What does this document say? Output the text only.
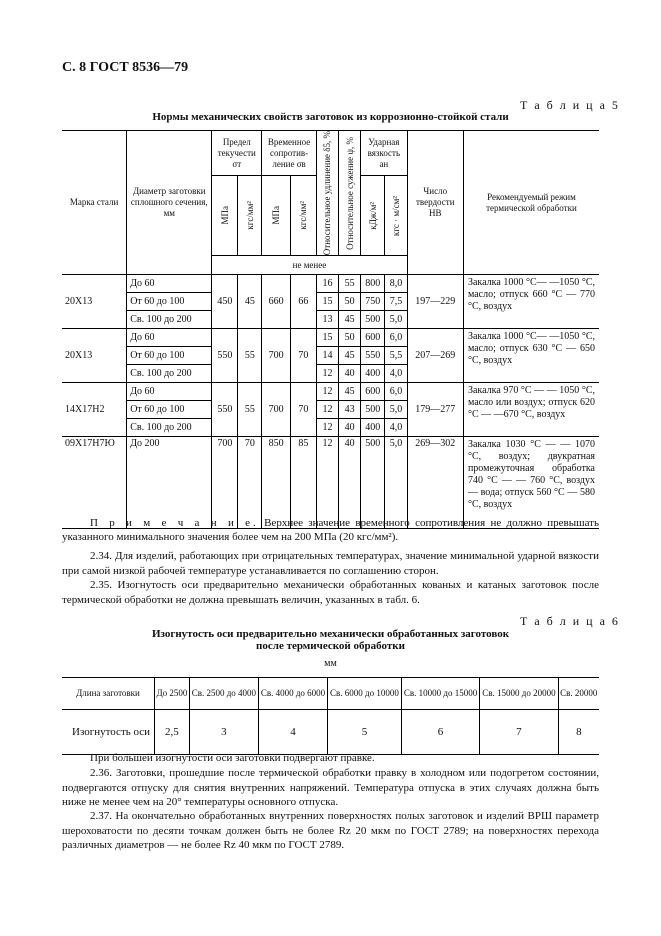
С. 8 ГОСТ 8536—79
Т а б л и ц а 5
Нормы механических свойств заготовок из коррозионно-стойкой стали
Марка стали	Диаметр заготовки сплошного сечения, мм	Предел текучести σт		Временное сопротив-ление σв		Относительное удлинение δ5, %	Относительное сужение ψ, %	Ударная вязкость ан		Число твердости НВ	Рекомендуемый режим термической обработки

		МПа	кгс/мм²	МПа	кгс/мм²			кДж/м²	кгс · м/см²		

		не менее									
20Х13	До 60	450	45	660	66	16	55	800	8,0	197—229	Закалка 1000 °С— —1050 °С, масло; отпуск 660 °С — 770 °С, воздух
	От 60 до 100					15	50	750	7,5		
	Св. 100 до 200					13	45	500	5,0		
20Х13	До 60	550	55	700	70	15	50	600	6,0	207—269	Закалка 1000 °С— —1050 °С, масло; отпуск 630 °С — 650 °С, воздух
	От 60 до 100					14	45	550	5,5		
	Св. 100 до 200					12	40	400	4,0		
14Х17Н2	До 60	550	55	700	70	12	45	600	6,0	179—277	Закалка 970 °С — — 1050 °С, масло или воздух; отпуск 620 °С — —670 °С, воздух
	От 60 до 100					12	43	500	5,0		
	Св. 100 до 200					12	40	400	4,0		
09Х17Н7Ю	До 200	700	70	850	85	12	40	500	5,0	269—302	Закалка 1030 °С — — 1070 °С, воздух; двукратная промежуточная обработка 740 °С — — 760 °С, воздух — вода; отпуск 560 °С — 580 °С, воздух
П р и м е ч а н и е. Верхнее значение временного сопротивления не должно превышать указанного минимального значения более чем на 200 МПа (20 кгс/мм²).
2.34. Для изделий, работающих при отрицательных температурах, значение минимальной ударной вязкости при самой низкой рабочей температуре устанавливается по соглашению сторон.
2.35. Изогнутость оси предварительно механически обработанных кованых и катаных заготовок после термической обработки не должна превышать величин, указанных в табл. 6.
Т а б л и ц а 6
Изогнутость оси предварительно механически обработанных заготовок
после термической обработки
мм
Длина заготовки	До 2500	Св. 2500 до 4000	Св. 4000 до 6000	Св. 6000 до 10000	Св. 10000 до 15000	Св. 15000 до 20000	Св. 20000
Изогнутость оси	2,5	3	4	5	6	7	8
При большей изогнутости оси заготовки подвергают правке.
2.36. Заготовки, прошедшие после термической обработки правку в холодном или подогретом состоянии, подвергаются отпуску для снятия внутренних напряжений. Температура отпуска в этих случаях должна быть ниже не менее чем на 20° температуры основного отпуска.
2.37. На окончательно обработанных внутренних поверхностях полых заготовок и изделий ВРШ параметр шероховатости по десяти точкам должен быть не более Rz 20 мкм по ГОСТ 2789; на поверхностях перехода различных диаметров — не более Rz 40 мкм по ГОСТ 2789.
